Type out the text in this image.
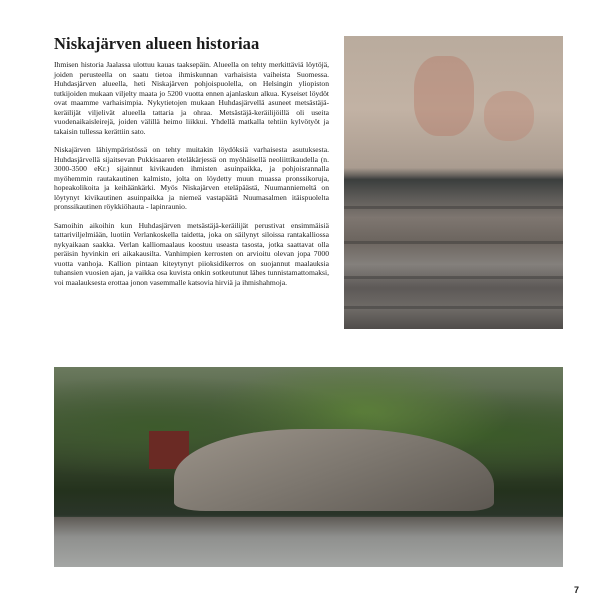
Niskajärven alueen historiaa

Ihmisen historia Jaalassa ulottuu kauas taaksepäin. Alueella on tehty merkittäviä löytöjä, joiden perusteella on saatu tietoa ihmiskunnan varhaisista vaiheista Suomessa. Huhdasjärven alueella, heti Niskajärven pohjoispuolella, on Helsingin yliopiston tutkijoiden mukaan viljelty maata jo 5200 vuotta ennen ajanlaskun alkua. Kyseiset löydöt ovat maamme varhaisimpia. Nykytietojen mukaan Huhdasjärvellä asuneet metsästäjä-keräilijät viljelivät alueella tattaria ja ohraa. Metsästäjä-keräilijöillä oli useita vuodenaikaisleirejä, joiden välillä heimo liikkui. Yhdellä matkalla tehtiin kylvötyöt ja takaisin tullessa kerättiin sato.

Niskajärven lähiympäristössä on tehty muitakin löydöksiä varhaisesta asutuksesta. Huhdasjärvellä sijaitsevan Pukkisaaren eteläkärjessä on myöhäisellä neoliittikaudella (n. 3000-3500 eKr.) sijainnut kivikauden ihmisten asuinpaikka, ja pohjoisrannalla myöhemmin rautakautinen kalmisto, jolta on löydetty muun muassa pronssikoruja, hopeakolikoita ja keihäänkärki. Myös Niskajärven eteläpäästä, Nuumanniemeltä on löytynyt kivikautinen asuinpaikka ja niemeä vastapäätä Nuumasalmen itäispuolelta pronssikautinen röykkiöhauta - lapinraunio.

Samoihin aikoihin kun Huhdasjärven metsästäjä-keräilijät perustivat ensimmäisiä tattariviljelmiään, luotiin Verlankoskella taidetta, joka on säilynyt siloissa rantakalliossa nykyaikaan saakka. Verlan kalliomaalaus koostuu useasta tasosta, jotka saattavat olla peräisin hyvinkin eri aikakausilta. Vanhimpien kerrosten on arvioitu olevan jopa 7000 vuotta vanhoja. Kallion pintaan kiteytynyt piioksidikerros on suojannut maalauksia tuhansien vuosien ajan, ja vaikka osa kuvista onkin sotkeutunut lähes tunnistamattomaksi, voi maalauksesta erottaa jonon vasemmalle katsovia hirviä ja ihmishahmoja.

7
